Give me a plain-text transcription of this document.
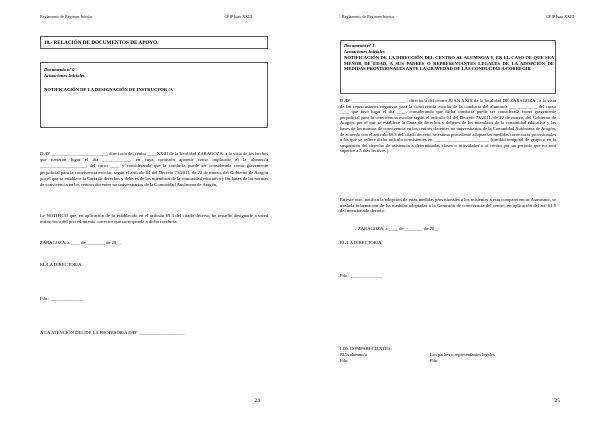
Reglamento de Régimen Interior	CEIP Juan XXIII
10.- RELACIÓN DE DOCUMENTOS DE APOYO.
Documento nº 0
Actuaciones Iniciales
NOTIFICACIÓN DE LA DESIGNACIÓN DE INSTRUCTOR /A
D./Dª ________________________, director/a del centro ____XXIII de la localidad ZARAGOZA, a la vista de los hechos que tuvieron lugar el día ____________, en cuya comisión aparece como implicado el la alumno/a ____________________, del curso ____ y considerando que la conducta puede ser considerada como gravemente perjudicial para la convivencia escolar, según el artículo 64 del Decreto 73/2011, de 22 de marzo, del Gobierno de Aragón por el que se establece la Carta de derechos y deberes de los miembros de la comunidad educativa y las bases de las normas de convivencia en los centros docentes no universitarios de la Comunidad Autónoma de Aragón,
Le NOTIFICO que, en aplicación de lo establecido en el artículo 69.3 del citado decreto, he resuelto designarle a usted instructor/a del procedimiento corrector que corresponda a dicha conducta.
ZARAGOZA, a ____ de ________ de 20__.
EL/LA DIRECTOR/A
Fdo.: ______________
A LA ATENCIÓN DEL/DE LA PROFESOR/A D/Dª ____________________
24
Reglamento de Régimen Interior	CEIP Juan XXIII
Documento nº 1
Actuaciones Iniciales
NOTIFICACIÓN DE LA DIRECCIÓN DEL CENTRO AL ALUMNO/A Y, EN EL CASO DE QUE SEA MENOR DE EDAD, A SUS PADRES O REPRESENTANTES LEGALES DE LA ADOPCIÓN DE MEDIDAS PROVISIONALES ANTE LA GRAVEDAD DE LAS CONDUCTAS A CORREGIR
D./Dª ________________________, director/a del centro JUAN XXIII de la localidad DE ZARAGOZA , a la vista de las repercusiones negativas para la convivencia escolar de la conducta del alumno/a ____________ del curso ____ que tuvo lugar el día ____, considerando que dicha conducta puede ser considerada como gravemente perjudicial para la convivencia escolar según el artículo 64 del Decreto 73/2011, de 22 de marzo, del Gobierno de Aragón, por el que se establece la Carta de derechos y deberes de los miembros de la comunidad educativa y las bases de las normas de convivencia en los centros docentes no universitarios de la Comunidad Autónoma de Aragón, de acuerdo con el artículo 68.3 del citado decreto, se estima procedente adoptar las medidas correctoras provisionales a las que se refiere dicho artículo consistentes en ________________________ (cambio temporal de grupo o en la suspensión del derecho de asistencia a determinadas clases o actividades o al centro por un periodo que no será superior a 5 días lectivos )
En este acto, notifico la adopción de estas medidas provisionales a los asistentes a esta comparecencia. Asimismo, se traslada información de las medidas adoptadas a la Comisión de convivencia del centro, en aplicación del art. 61.5 del mencionado decreto.
ZARAGOZA, a ____ de ________ de 20__.
EL/LA DIRECTOR/A,
Fdo.: ______________
LOS COMPARECIENTES:
El/la alumno/a	Los padres o representantes legales
Fdo:	Fdo:
25
